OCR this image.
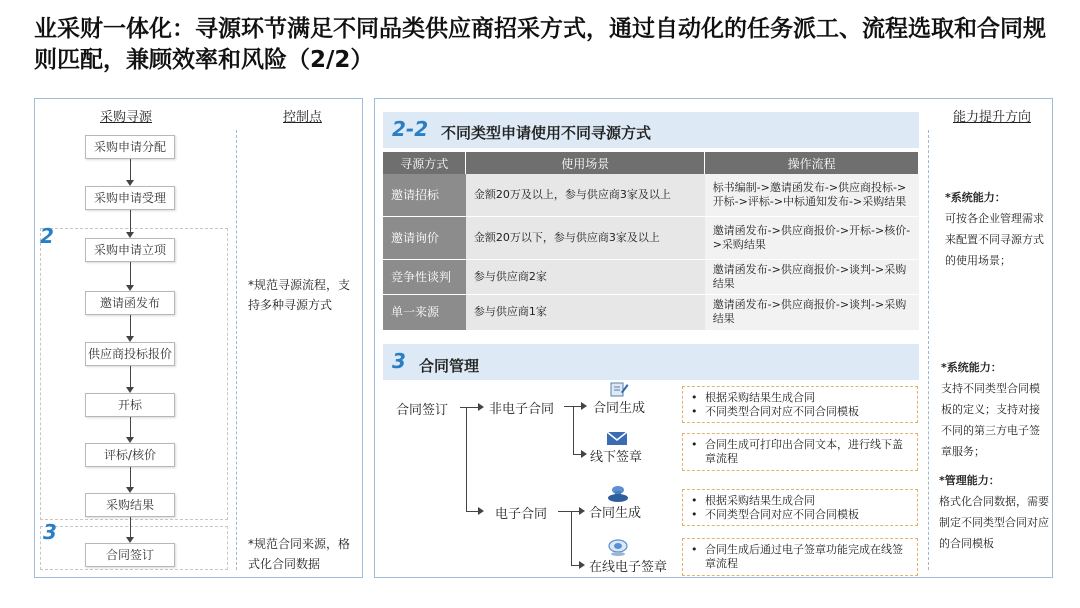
业采财一体化：寻源环节满足不同品类供应商招采方式，通过自动化的任务派工、流程选取和合同规则匹配，兼顾效率和风险（2/2）
采购寻源	控制点
2
3
采购申请分配
采购申请受理
采购申请立项
邀请函发布
供应商投标报价
开标
评标/核价
采购结果
合同签订
*规范寻源流程，支持多种寻源方式
*规范合同来源，格式化合同数据
能力提升方向
2-2 不同类型申请使用不同寻源方式
寻源方式	使用场景	操作流程
邀请招标	金额20万及以上，参与供应商3家及以上	标书编制->邀请函发布->供应商投标->开标->评标->中标通知发布->采购结果
邀请询价	金额20万以下，参与供应商3家及以上	邀请函发布->供应商报价->开标->核价->采购结果
竞争性谈判	参与供应商2家	邀请函发布->供应商报价->谈判->采购结果
单一来源	参与供应商1家	邀请函发布->供应商报价->谈判->采购结果
3 合同管理
合同签订	非电子合同
电子合同
合同生成
线下签章
合同生成
在线电子签章
• 根据采购结果生成合同
• 不同类型合同对应不同合同模板
• 合同生成可打印出合同文本，进行线下盖章流程
• 根据采购结果生成合同
• 不同类型合同对应不同合同模板
• 合同生成后通过电子签章功能完成在线签章流程
*系统能力：
可按各企业管理需求来配置不同寻源方式的使用场景；
*系统能力：
支持不同类型合同模板的定义；支持对接不同的第三方电子签章服务；
*管理能力：
格式化合同数据，需要制定不同类型合同对应的合同模板
